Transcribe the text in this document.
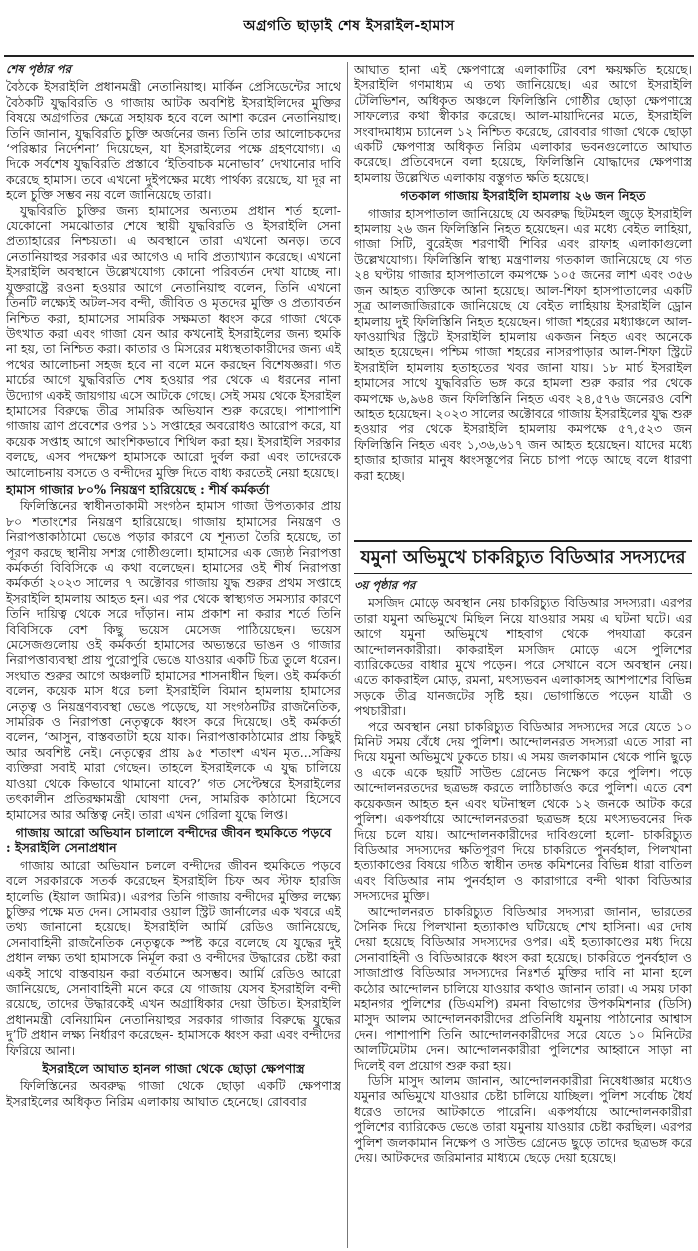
অগ্রগতি ছাড়াই শেষ ইসরাইল-হামাস
শেষ পৃষ্ঠার পর

বৈঠকে ইসরাইলি প্রধানমন্ত্রী নেতানিয়াহু। মার্কিন প্রেসিডেন্টের সাথে বৈঠকটি যুদ্ধবিরতি ও গাজায় আটক অবশিষ্ট ইসরাইলিদের মুক্তির বিষয়ে অগ্রগতির ক্ষেত্রে সহায়ক হবে বলে আশা করেন নেতানিয়াহু। তিনি জানান, যুদ্ধবিরতি চুক্তি অর্জনের জন্য তিনি তার আলোচকদের ‘পরিষ্কার নির্দেশনা’ দিয়েছেন, যা ইসরাইলের পক্ষে গ্রহণযোগ্য। এ দিকে সর্বশেষ যুদ্ধবিরতি প্রস্তাবে ‘ইতিবাচক মনোভাব’ দেখানোর দাবি করেছে হামাস। তবে এখনো দুইপক্ষের মধ্যে পার্থক্য রয়েছে, যা দূর না হলে চুক্তি সম্ভব নয় বলে জানিয়েছে তারা।

যুদ্ধবিরতি চুক্তির জন্য হামাসের অন্যতম প্রধান শর্ত হলো- যেকোনো সমঝোতার শেষে স্থায়ী যুদ্ধবিরতি ও ইসরাইলি সেনা প্রত্যাহারের নিশ্চয়তা। এ অবস্থানে তারা এখনো অনড়। তবে নেতানিয়াহুর সরকার এর আগেও এ দাবি প্রত্যাখ্যান করেছে। এখনো ইসরাইলি অবস্থানে উল্লেখযোগ্য কোনো পরিবর্তন দেখা যাচ্ছে না। যুক্তরাষ্ট্রে রওনা হওয়ার আগে নেতানিয়াহু বলেন, তিনি এখনো তিনটি লক্ষ্যেই অটল-সব বন্দী, জীবিত ও মৃতদের মুক্তি ও প্রত্যাবর্তন নিশ্চিত করা, হামাসের সামরিক সক্ষমতা ধ্বংস করে গাজা থেকে উৎখাত করা এবং গাজা যেন আর কখনোই ইসরাইলের জন্য হুমকি না হয়, তা নিশ্চিত করা। কাতার ও মিসরের মধ্যস্থতাকারীদের জন্য এই পথের আলোচনা সহজ হবে না বলে মনে করছেন বিশেষজ্ঞরা। গত মার্চের আগে যুদ্ধবিরতি শেষ হওয়ার পর থেকে এ ধরনের নানা উদ্যোগ একই জায়গায় এসে আটকে গেছে। সেই সময় থেকে ইসরাইল হামাসের বিরুদ্ধে তীব্র সামরিক অভিযান শুরু করেছে। পাশাপাশি গাজায় ত্রাণ প্রবেশের ওপর ১১ সপ্তাহের অবরোধও আরোপ করে, যা কয়েক সপ্তাহ আগে আংশিকভাবে শিথিল করা হয়। ইসরাইলি সরকার বলছে, এসব পদক্ষেপ হামাসকে আরো দুর্বল করা এবং তাদেরকে আলোচনায় বসতে ও বন্দীদের মুক্তি দিতে বাধ্য করতেই নেয়া হয়েছে।

হামাস গাজার ৮০% নিয়ন্ত্রণ হারিয়েছে : শীর্ষ কর্মকর্তা

ফিলিস্তিনের স্বাধীনতাকামী সংগঠন হামাস গাজা উপত্যকার প্রায় ৮০ শতাংশের নিয়ন্ত্রণ হারিয়েছে। গাজায় হামাসের নিয়ন্ত্রণ ও নিরাপত্তাকাঠামো ভেঙে পড়ার কারণে যে শূন্যতা তৈরি হয়েছে, তা পূরণ করছে স্থানীয় সশস্ত্র গোষ্ঠীগুলো। হামাসের এক জ্যেষ্ঠ নিরাপত্তা কর্মকর্তা বিবিসিকে এ কথা বলেছেন। হামাসের ওই শীর্ষ নিরাপত্তা কর্মকর্তা ২০২৩ সালের ৭ অক্টোবর গাজায় যুদ্ধ শুরুর প্রথম সপ্তাহে ইসরাইলি হামলায় আহত হন। এর পর থেকে স্বাস্থ্যগত সমস্যার কারণে তিনি দায়িত্ব থেকে সরে দাঁড়ান। নাম প্রকাশ না করার শর্তে তিনি বিবিসিকে বেশ কিছু ভয়েস মেসেজ পাঠিয়েছেন। ভয়েস মেসেজগুলোয় ওই কর্মকর্তা হামাসের অভ্যন্তরে ভাঙন ও গাজার নিরাপত্তাব্যবস্থা প্রায় পুরোপুরি ভেঙে যাওয়ার একটি চিত্র তুলে ধরেন। সংঘাত শুরুর আগে অঞ্চলটি হামাসের শাসনাধীন ছিল। ওই কর্মকর্তা বলেন, কয়েক মাস ধরে চলা ইসরাইলি বিমান হামলায় হামাসের নেতৃত্ব ও নিয়ন্ত্রণব্যবস্থা ভেঙে পড়েছে, যা সংগঠনটির রাজনৈতিক, সামরিক ও নিরাপত্তা নেতৃত্বকে ধ্বংস করে দিয়েছে। ওই কর্মকর্তা বলেন, ‘আসুন, বাস্তবতাটা হয়ে যাক। নিরাপত্তাকাঠামোর প্রায় কিছুই আর অবশিষ্ট নেই। নেতৃত্বের প্রায় ৯৫ শতাংশ এখন মৃত...সক্রিয় ব্যক্তিরা সবাই মারা গেছেন। তাহলে ইসরাইলকে এ যুদ্ধ চালিয়ে যাওয়া থেকে কিভাবে থামানো যাবে?’ গত সেপ্টেম্বরে ইসরাইলের তৎকালীন প্রতিরক্ষামন্ত্রী ঘোষণা দেন, সামরিক কাঠামো হিসেবে হামাসের আর অস্তিত্ব নেই। তারা এখন গেরিলা যুদ্ধে লিপ্ত।

গাজায় আরো অভিযান চালালে বন্দীদের জীবন হুমকিতে পড়বে

: ইসরাইলি সেনাপ্রধান

গাজায় আরো অভিযান চললে বন্দীদের জীবন হুমকিতে পড়বে বলে সরকারকে সতর্ক করেছেন ইসরাইলি চিফ অব স্টাফ হারজি হালেভি (ইয়াল জামির)। এরপর তিনি গাজায় বন্দীদের মুক্তির লক্ষ্যে চুক্তির পক্ষে মত দেন। সোমবার ওয়াল স্ট্রিট জার্নালের এক খবরে এই তথ্য জানানো হয়েছে। ইসরাইলি আর্মি রেডিও জানিয়েছে, সেনাবাহিনী রাজনৈতিক নেতৃত্বকে স্পষ্ট করে বলেছে যে যুদ্ধের দুই প্রধান লক্ষ্য তথা হামাসকে নির্মূল করা ও বন্দীদের উদ্ধারের চেষ্টা করা একই সাথে বাস্তবায়ন করা বর্তমানে অসম্ভব। আর্মি রেডিও আরো জানিয়েছে, সেনাবাহিনী মনে করে যে গাজায় যেসব ইসরাইলি বন্দী রয়েছে, তাদের উদ্ধারকেই এখন অগ্রাধিকার দেয়া উচিত। ইসরাইলি প্রধানমন্ত্রী বেনিয়ামিন নেতানিয়াহুর সরকার গাজার বিরুদ্ধে যুদ্ধের দু’টি প্রধান লক্ষ্য নির্ধারণ করেছেন- হামাসকে ধ্বংস করা এবং বন্দীদের ফিরিয়ে আনা।

ইসরাইলে আঘাত হানল গাজা থেকে ছোড়া ক্ষেপণাস্ত্র

ফিলিস্তিনের অবরুদ্ধ গাজা থেকে ছোড়া একটি ক্ষেপণাস্ত্র ইসরাইলের অধিকৃত নিরিম এলাকায় আঘাত হেনেছে। রোববার

আঘাত হানা এই ক্ষেপণাস্ত্রে এলাকাটির বেশ ক্ষয়ক্ষতি হয়েছে। ইসরাইলি গণমাধ্যম এ তথ্য জানিয়েছে। এর আগে ইসরাইলি টেলিভিশন, অধিকৃত অঞ্চলে ফিলিস্তিনি গোষ্ঠীর ছোড়া ক্ষেপণাস্ত্রে সাফল্যের কথা স্বীকার করেছে। আল-মায়াদিনের মতে, ইসরাইলি সংবাদমাধ্যম চ্যানেল ১২ নিশ্চিত করেছে, রোববার গাজা থেকে ছোড়া একটি ক্ষেপণাস্ত্র অধিকৃত নিরিম এলাকার ভবনগুলোতে আঘাত করেছে। প্রতিবেদনে বলা হয়েছে, ফিলিস্তিনি যোদ্ধাদের ক্ষেপণাস্ত্র হামলায় উল্লেখিত এলাকায় বস্তুগত ক্ষতি হয়েছে।

গতকাল গাজায় ইসরাইলি হামলায় ২৬ জন নিহত

গাজার হাসপাতাল জানিয়েছে যে অবরুদ্ধ ছিটমহল জুড়ে ইসরাইলি হামলায় ২৬ জন ফিলিস্তিনি নিহত হয়েছেন। এর মধ্যে বেইত লাহিয়া, গাজা সিটি, বুরেইজ শরণার্থী শিবির এবং রাফাহ এলাকাগুলো উল্লেখযোগ্য। ফিলিস্তিনি স্বাস্থ্য মন্ত্রণালয় গতকাল জানিয়েছে যে গত ২৪ ঘণ্টায় গাজার হাসপাতালে কমপক্ষে ১০৫ জনের লাশ এবং ৩৫৬ জন আহত ব্যক্তিকে আনা হয়েছে। আল-শিফা হাসপাতালের একটি সূত্র আলজাজিরাকে জানিয়েছে যে বেইত লাহিয়ায় ইসরাইলি ড্রোন হামলায় দুই ফিলিস্তিনি নিহত হয়েছেন। গাজা শহরের মধ্যাঞ্চলে আল-ফাওয়াখির স্ট্রিটে ইসরাইলি হামলায় একজন নিহত এবং অনেকে আহত হয়েছেন। পশ্চিম গাজা শহরের নাসরপাড়ার আল-শিফা স্ট্রিটে ইসরাইলি হামলায় হতাহতের খবর জানা যায়। ১৮ মার্চ ইসরাইল হামাসের সাথে যুদ্ধবিরতি ভঙ্গ করে হামলা শুরু করার পর থেকে কমপক্ষে ৬,৯৬৪ জন ফিলিস্তিনি নিহত এবং ২৪,৫৭৬ জনেরও বেশি আহত হয়েছেন। ২০২৩ সালের অক্টোবরে গাজায় ইসরাইলের যুদ্ধ শুরু হওয়ার পর থেকে ইসরাইলি হামলায় কমপক্ষে ৫৭,৫২৩ জন ফিলিস্তিনি নিহত এবং ১,৩৬,৬১৭ জন আহত হয়েছেন। যাদের মধ্যে হাজার হাজার মানুষ ধ্বংসস্তূপের নিচে চাপা পড়ে আছে বলে ধারণা করা হচ্ছে।

যমুনা অভিমুখে চাকরিচ্যুত বিডিআর সদস্যদের
৩য় পৃষ্ঠার পর

মসজিদ মোড়ে অবস্থান নেয় চাকরিচ্যুত বিডিআর সদস্যরা। এরপর তারা যমুনা অভিমুখে মিছিল নিয়ে যাওয়ার সময় এ ঘটনা ঘটে। এর আগে যমুনা অভিমুখে শাহবাগ থেকে পদযাত্রা করেন আন্দোলনকারীরা। কাকরাইল মসজিদ মোড়ে এসে পুলিশের ব্যারিকেডের বাধার মুখে পড়েন। পরে সেখানে বসে অবস্থান নেয়। এতে কাকরাইল মোড়, রমনা, মৎস্যভবন এলাকাসহ আশপাশের বিভিন্ন সড়কে তীব্র যানজটের সৃষ্টি হয়। ভোগান্তিতে পড়েন যাত্রী ও পথচারীরা।

পরে অবস্থান নেয়া চাকরিচ্যুত বিডিআর সদস্যদের সরে যেতে ১০ মিনিট সময় বেঁধে দেয় পুলিশ। আন্দোলনরত সদস্যরা এতে সারা না দিয়ে যমুনা অভিমুখে ঢুকতে চায়। এ সময় জলকামান থেকে পানি ছুড়ে ও একে একে ছয়টি সাউন্ড গ্রেনেড নিক্ষেপ করে পুলিশ। পড়ে আন্দোলনরতদের ছত্রভঙ্গ করতে লাঠিচার্জও করে পুলিশ। এতে বেশ কয়েকজন আহত হন এবং ঘটনাস্থল থেকে ১২ জনকে আটক করে পুলিশ। একপর্যায়ে আন্দোলনরতরা ছত্রভঙ্গ হয়ে মৎস্যভবনের দিক দিয়ে চলে যায়। আন্দোলনকারীদের দাবিগুলো হলো- চাকরিচ্যুত বিডিআর সদস্যদের ক্ষতিপূরণ দিয়ে চাকরিতে পুনর্বহাল, পিলখানা হত্যাকাণ্ডের বিষয়ে গঠিত স্বাধীন তদন্ত কমিশনের বিভিন্ন ধারা বাতিল এবং বিডিআর নাম পুনর্বহাল ও কারাগারে বন্দী থাকা বিডিআর সদস্যদের মুক্তি।

আন্দোলনরত চাকরিচ্যুত বিডিআর সদস্যরা জানান, ভারতের সৈনিক দিয়ে পিলখানা হত্যাকাণ্ড ঘটিয়েছে শেখ হাসিনা। এর দোষ দেয়া হয়েছে বিডিআর সদস্যদের ওপর। এই হত্যাকাণ্ডের মধ্য দিয়ে সেনাবাহিনী ও বিডিআরকে ধ্বংস করা হয়েছে। চাকরিতে পুনর্বহাল ও সাজাপ্রাপ্ত বিডিআর সদস্যদের নিঃশর্ত মুক্তির দাবি না মানা হলে কঠোর আন্দোলন চালিয়ে যাওয়ার কথাও জানান তারা। এ সময় ঢাকা মহানগর পুলিশের (ডিএমপি) রমনা বিভাগের উপকমিশনার (ডিসি) মাসুদ আলম আন্দোলনকারীদের প্রতিনিধি যমুনায় পাঠানোর আশ্বাস দেন। পাশাপাশি তিনি আন্দোলনকারীদের সরে যেতে ১০ মিনিটের আলটিমেটাম দেন। আন্দোলনকারীরা পুলিশের আহ্বানে সাড়া না দিলেই বল প্রয়োগ শুরু করা হয়।

ডিসি মাসুদ আলম জানান, আন্দোলনকারীরা নিষেধাজ্ঞার মধ্যেও যমুনার অভিমুখে যাওয়ার চেষ্টা চালিয়ে যাচ্ছিল। পুলিশ সর্বোচ্চ ধৈর্য ধরেও তাদের আটকাতে পারেনি। একপর্যায়ে আন্দোলনকারীরা পুলিশের ব্যারিকেড ভেঙে তারা যমুনায় যাওয়ার চেষ্টা করছিল। এরপর পুলিশ জলকামান নিক্ষেপ ও সাউন্ড গ্রেনেড ছুড়ে তাদের ছত্রভঙ্গ করে দেয়। আটকদের জরিমানার মাধ্যমে ছেড়ে দেয়া হয়েছে।
